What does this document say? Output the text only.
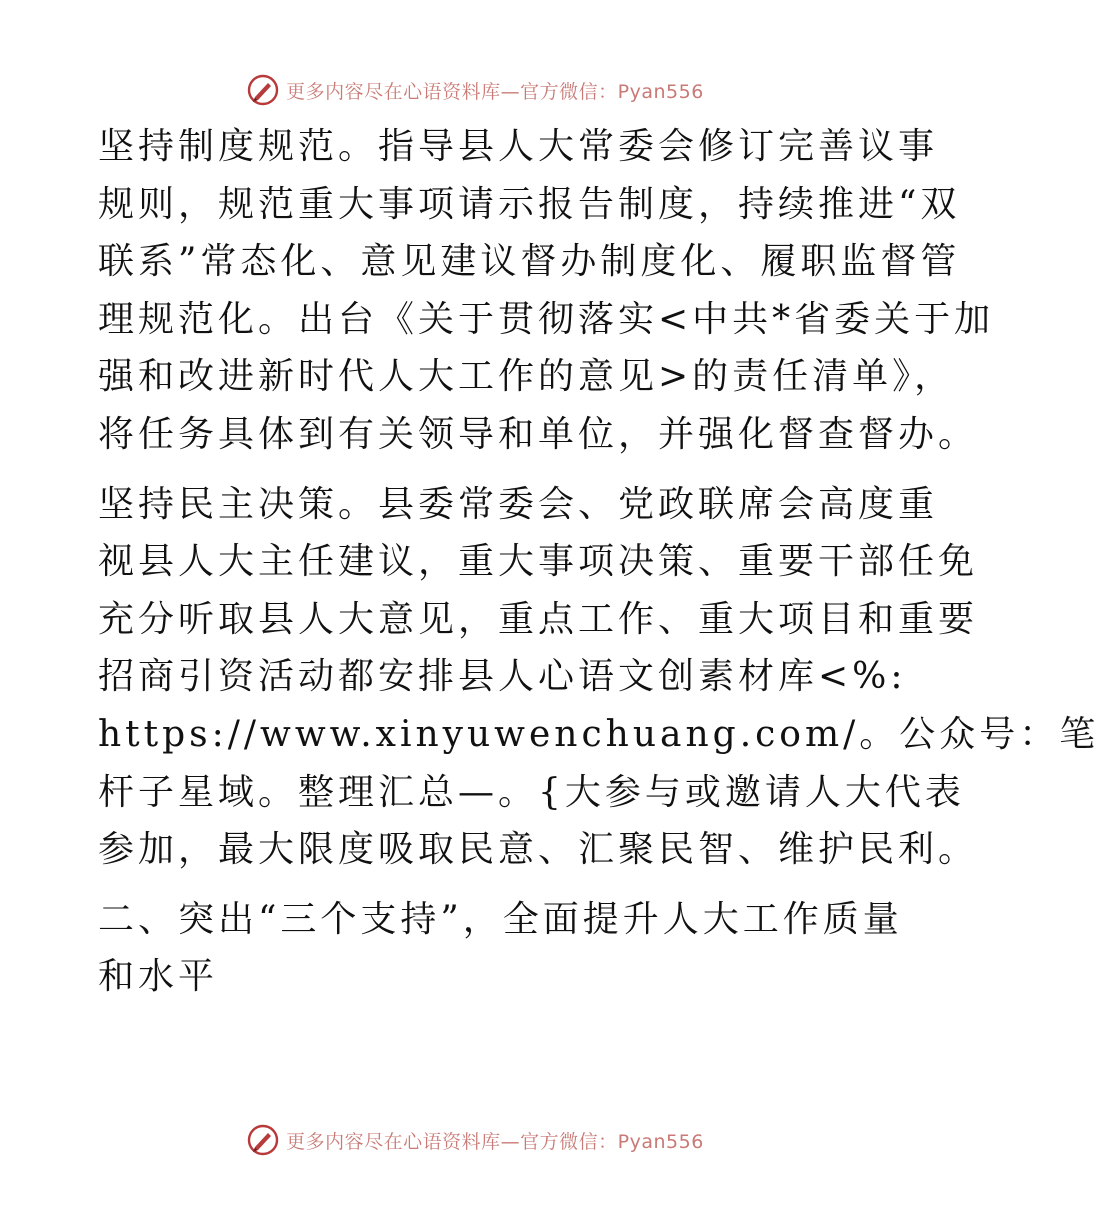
更多内容尽在心语资料库—官方微信：Pyan556
坚持制度规范。指导县人大常委会修订完善议事
规则，规范重大事项请示报告制度，持续推进“双
联系”常态化、意见建议督办制度化、履职监督管
理规范化。出台《关于贯彻落实<中共*省委关于加
强和改进新时代人大工作的意见>的责任清单》，
将任务具体到有关领导和单位，并强化督查督办。
坚持民主决策。县委常委会、党政联席会高度重
视县人大主任建议，重大事项决策、重要干部任免
充分听取县人大意见，重点工作、重大项目和重要
招商引资活动都安排县人心语文创素材库<%:
https://www.xinyuwenchuang.com/。公众号：笔
杆子星域。整理汇总—。{大参与或邀请人大代表
参加，最大限度吸取民意、汇聚民智、维护民利。
二、突出“三个支持”，全面提升人大工作质量
和水平
更多内容尽在心语资料库—官方微信：Pyan556
